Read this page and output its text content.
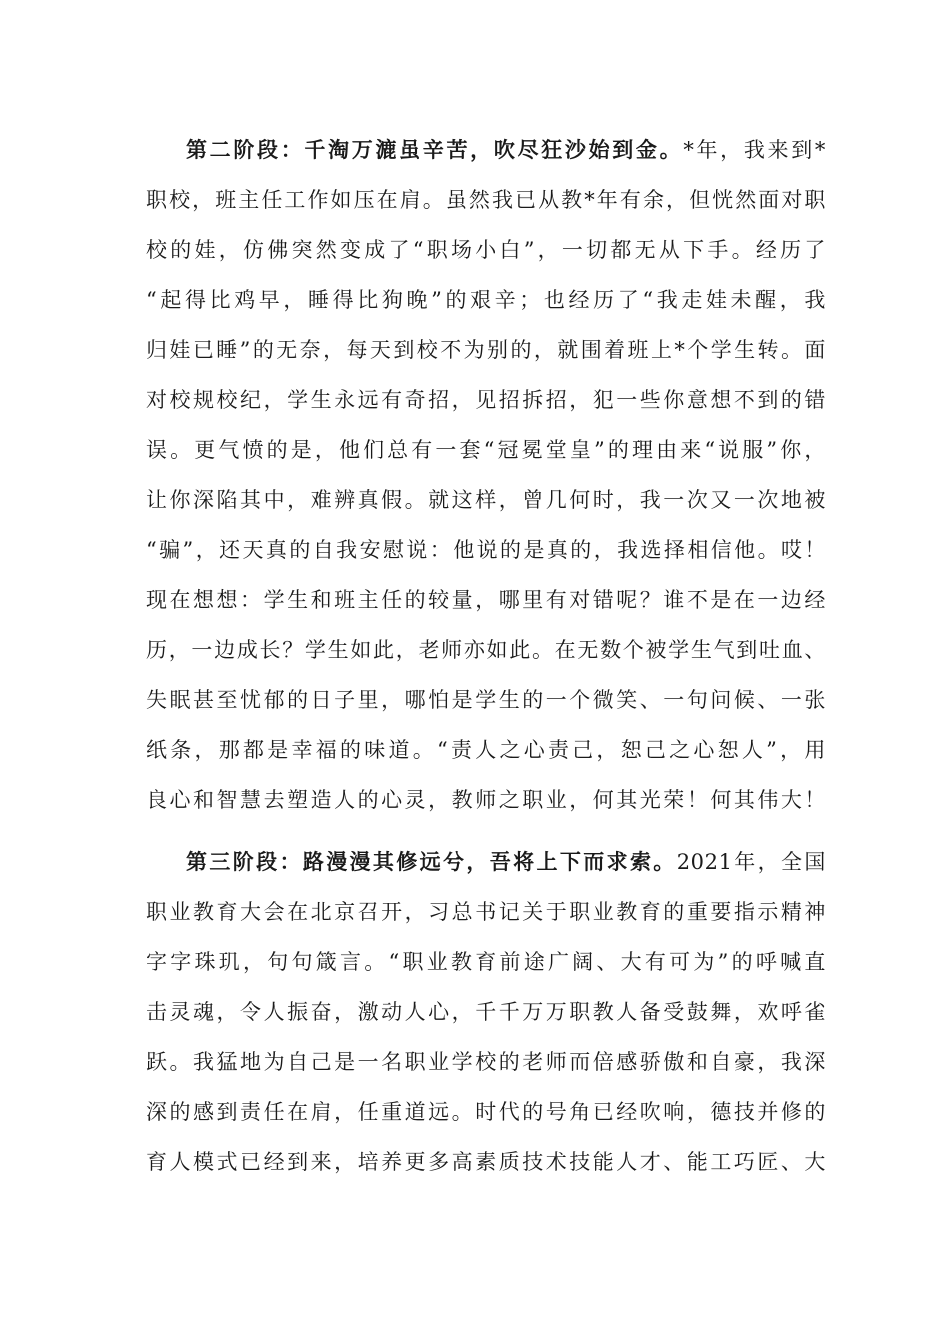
第二阶段：千淘万漉虽辛苦，吹尽狂沙始到金。*年，我来到*
职校，班主任工作如压在肩。虽然我已从教*年有余，但恍然面对职
校的娃，仿佛突然变成了“职场小白”，一切都无从下手。经历了
“起得比鸡早，睡得比狗晚”的艰辛；也经历了“我走娃未醒，我
归娃已睡”的无奈，每天到校不为别的，就围着班上*个学生转。面
对校规校纪，学生永远有奇招，见招拆招，犯一些你意想不到的错
误。更气愤的是，他们总有一套“冠冕堂皇”的理由来“说服”你，
让你深陷其中，难辨真假。就这样，曾几何时，我一次又一次地被
“骗”，还天真的自我安慰说：他说的是真的，我选择相信他。哎！
现在想想：学生和班主任的较量，哪里有对错呢？谁不是在一边经
历，一边成长？学生如此，老师亦如此。在无数个被学生气到吐血、
失眠甚至忧郁的日子里，哪怕是学生的一个微笑、一句问候、一张
纸条，那都是幸福的味道。“责人之心责己，恕己之心恕人”，用
良心和智慧去塑造人的心灵，教师之职业，何其光荣！何其伟大！
第三阶段：路漫漫其修远兮，吾将上下而求索。2021年，全国
职业教育大会在北京召开，习总书记关于职业教育的重要指示精神
字字珠玑，句句箴言。“职业教育前途广阔、大有可为”的呼喊直
击灵魂，令人振奋，激动人心，千千万万职教人备受鼓舞，欢呼雀
跃。我猛地为自己是一名职业学校的老师而倍感骄傲和自豪，我深
深的感到责任在肩，任重道远。时代的号角已经吹响，德技并修的
育人模式已经到来，培养更多高素质技术技能人才、能工巧匠、大
